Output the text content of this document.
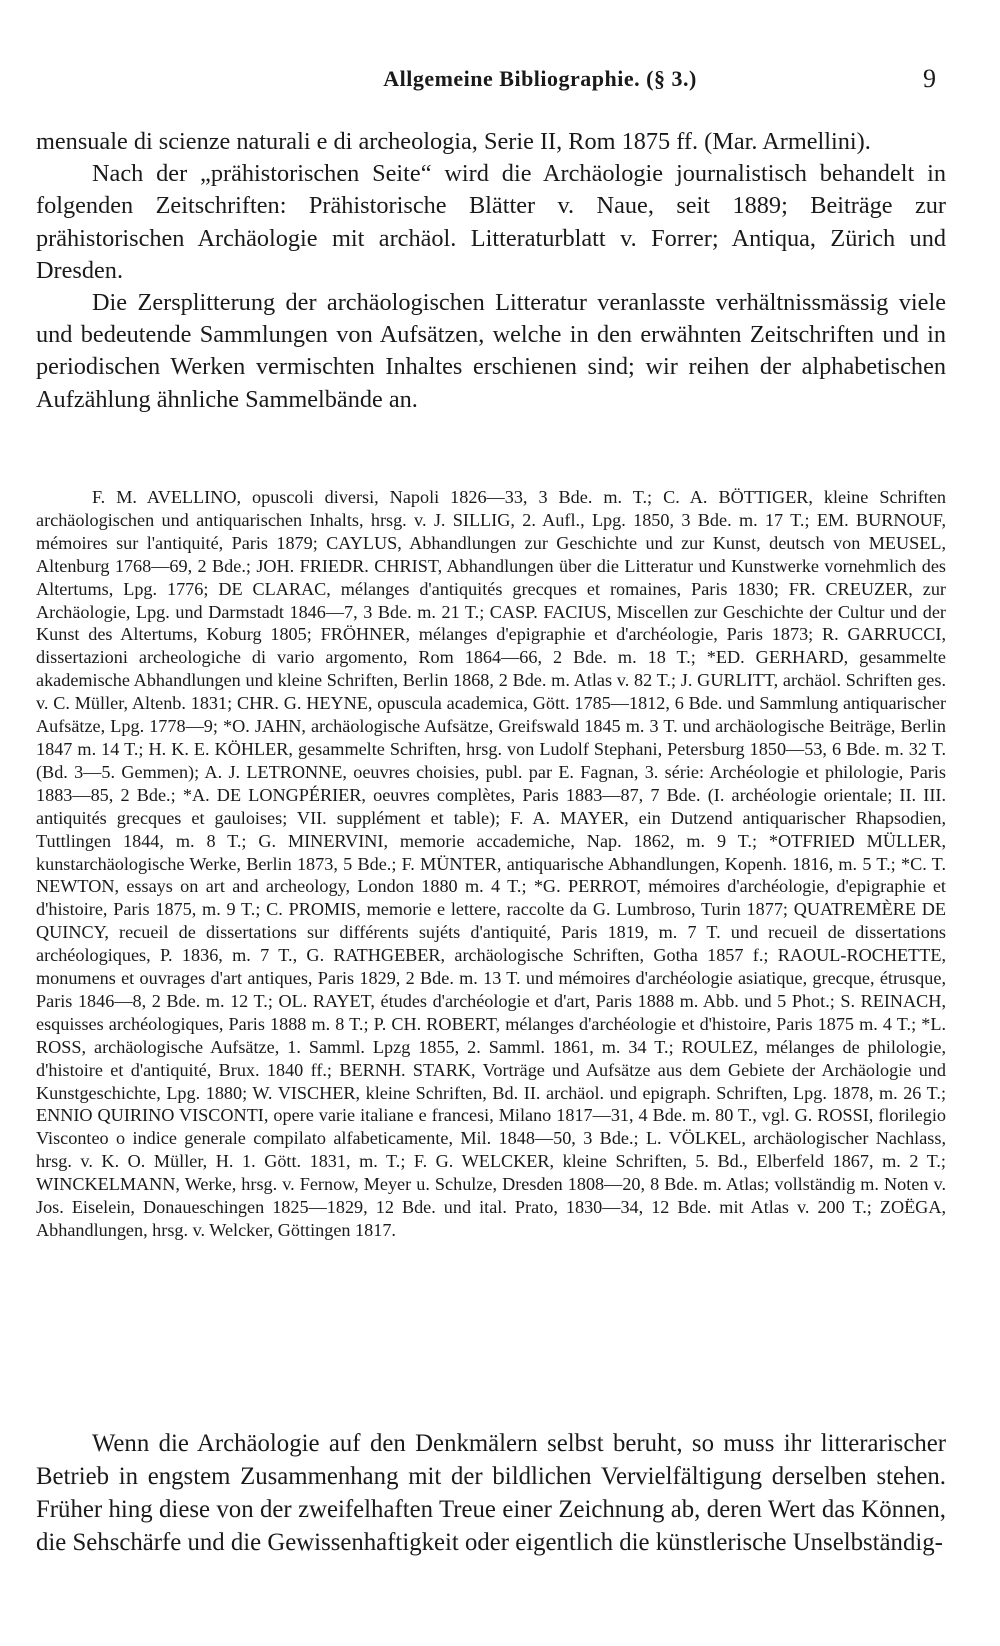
Allgemeine Bibliographie. (§ 3.)	9

mensuale di scienze naturali e di archeologia, Serie II, Rom 1875 ff. (Mar. Armellini).

Nach der „prähistorischen Seite“ wird die Archäologie journalistisch behandelt in folgenden Zeitschriften: Prähistorische Blätter v. Naue, seit 1889; Beiträge zur prähistorischen Archäologie mit archäol. Litteraturblatt v. Forrer; Antiqua, Zürich und Dresden.

Die Zersplitterung der archäologischen Litteratur veranlasste verhältnissmässig viele und bedeutende Sammlungen von Aufsätzen, welche in den erwähnten Zeitschriften und in periodischen Werken vermischten Inhaltes erschienen sind; wir reihen der alphabetischen Aufzählung ähnliche Sammelbände an.

F. M. AVELLINO, opuscoli diversi, Napoli 1826—33, 3 Bde. m. T.; C. A. BÖTTIGER, kleine Schriften archäologischen und antiquarischen Inhalts, hrsg. v. J. SILLIG, 2. Aufl., Lpg. 1850, 3 Bde. m. 17 T.; EM. BURNOUF, mémoires sur l'antiquité, Paris 1879; CAYLUS, Abhandlungen zur Geschichte und zur Kunst, deutsch von MEUSEL, Altenburg 1768—69, 2 Bde.; JOH. FRIEDR. CHRIST, Abhandlungen über die Litteratur und Kunstwerke vornehmlich des Altertums, Lpg. 1776; DE CLARAC, mélanges d'antiquités grecques et romaines, Paris 1830; FR. CREUZER, zur Archäologie, Lpg. und Darmstadt 1846—7, 3 Bde. m. 21 T.; CASP. FACIUS, Miscellen zur Geschichte der Cultur und der Kunst des Altertums, Koburg 1805; FRÖHNER, mélanges d'epigraphie et d'archéologie, Paris 1873; R. GARRUCCI, dissertazioni archeologiche di vario argomento, Rom 1864—66, 2 Bde. m. 18 T.; *ED. GERHARD, gesammelte akademische Abhandlungen und kleine Schriften, Berlin 1868, 2 Bde. m. Atlas v. 82 T.; J. GURLITT, archäol. Schriften ges. v. C. Müller, Altenb. 1831; CHR. G. HEYNE, opuscula academica, Gött. 1785—1812, 6 Bde. und Sammlung antiquarischer Aufsätze, Lpg. 1778—9; *O. JAHN, archäologische Aufsätze, Greifswald 1845 m. 3 T. und archäologische Beiträge, Berlin 1847 m. 14 T.; H. K. E. KÖHLER, gesammelte Schriften, hrsg. von Ludolf Stephani, Petersburg 1850—53, 6 Bde. m. 32 T. (Bd. 3—5. Gemmen); A. J. LETRONNE, oeuvres choisies, publ. par E. Fagnan, 3. série: Archéologie et philologie, Paris 1883—85, 2 Bde.; *A. DE LONGPÉRIER, oeuvres complètes, Paris 1883—87, 7 Bde. (I. archéologie orientale; II. III. antiquités grecques et gauloises; VII. supplément et table); F. A. MAYER, ein Dutzend antiquarischer Rhapsodien, Tuttlingen 1844, m. 8 T.; G. MINERVINI, memorie accademiche, Nap. 1862, m. 9 T.; *OTFRIED MÜLLER, kunstarchäologische Werke, Berlin 1873, 5 Bde.; F. MÜNTER, antiquarische Abhandlungen, Kopenh. 1816, m. 5 T.; *C. T. NEWTON, essays on art and archeology, London 1880 m. 4 T.; *G. PERROT, mémoires d'archéologie, d'epigraphie et d'histoire, Paris 1875, m. 9 T.; C. PROMIS, memorie e lettere, raccolte da G. Lumbroso, Turin 1877; QUATREMÈRE DE QUINCY, recueil de dissertations sur différents sujéts d'antiquité, Paris 1819, m. 7 T. und recueil de dissertations archéologiques, P. 1836, m. 7 T., G. RATHGEBER, archäologische Schriften, Gotha 1857 f.; RAOUL-ROCHETTE, monumens et ouvrages d'art antiques, Paris 1829, 2 Bde. m. 13 T. und mémoires d'archéologie asiatique, grecque, étrusque, Paris 1846—8, 2 Bde. m. 12 T.; OL. RAYET, études d'archéologie et d'art, Paris 1888 m. Abb. und 5 Phot.; S. REINACH, esquisses archéologiques, Paris 1888 m. 8 T.; P. CH. ROBERT, mélanges d'archéologie et d'histoire, Paris 1875 m. 4 T.; *L. ROSS, archäologische Aufsätze, 1. Samml. Lpzg 1855, 2. Samml. 1861, m. 34 T.; ROULEZ, mélanges de philologie, d'histoire et d'antiquité, Brux. 1840 ff.; BERNH. STARK, Vorträge und Aufsätze aus dem Gebiete der Archäologie und Kunstgeschichte, Lpg. 1880; W. VISCHER, kleine Schriften, Bd. II. archäol. und epigraph. Schriften, Lpg. 1878, m. 26 T.; ENNIO QUIRINO VISCONTI, opere varie italiane e francesi, Milano 1817—31, 4 Bde. m. 80 T., vgl. G. ROSSI, florilegio Visconteo o indice generale compilato alfabeticamente, Mil. 1848—50, 3 Bde.; L. VÖLKEL, archäologischer Nachlass, hrsg. v. K. O. Müller, H. 1. Gött. 1831, m. T.; F. G. WELCKER, kleine Schriften, 5. Bd., Elberfeld 1867, m. 2 T.; WINCKELMANN, Werke, hrsg. v. Fernow, Meyer u. Schulze, Dresden 1808—20, 8 Bde. m. Atlas; vollständig m. Noten v. Jos. Eiselein, Donaueschingen 1825—1829, 12 Bde. und ital. Prato, 1830—34, 12 Bde. mit Atlas v. 200 T.; ZOËGA, Abhandlungen, hrsg. v. Welcker, Göttingen 1817.

Wenn die Archäologie auf den Denkmälern selbst beruht, so muss ihr litterarischer Betrieb in engstem Zusammenhang mit der bildlichen Vervielfältigung derselben stehen. Früher hing diese von der zweifelhaften Treue einer Zeichnung ab, deren Wert das Können, die Sehschärfe und die Gewissenhaftigkeit oder eigentlich die künstlerische Unselbständig-
